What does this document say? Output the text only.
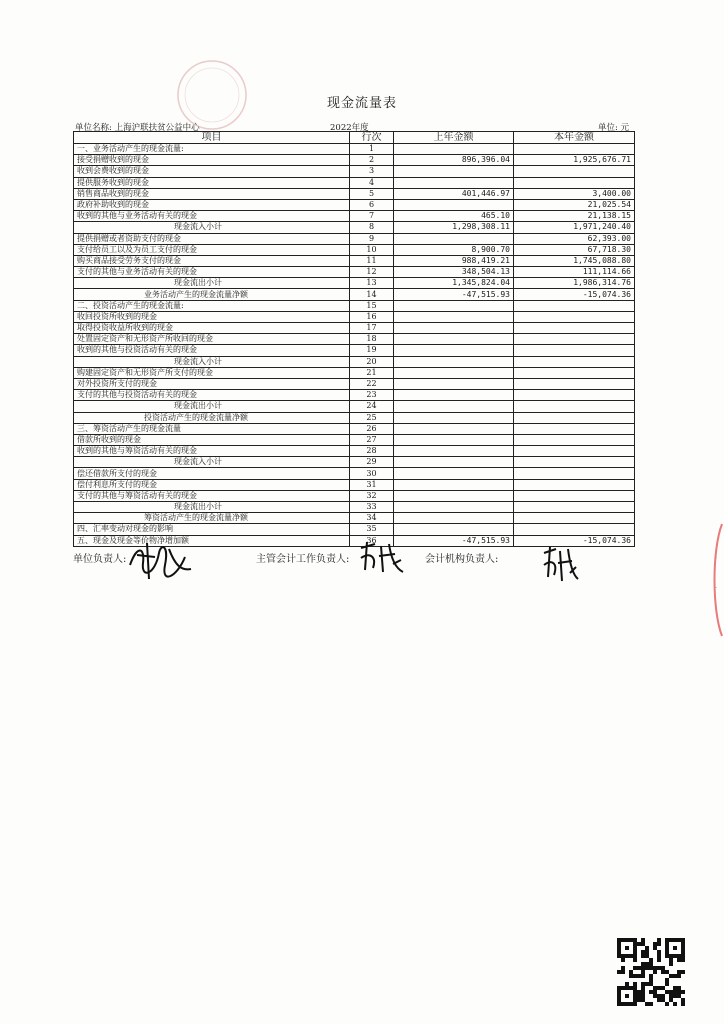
现金流量表
单位名称: 上海沪联扶贫公益中心	2022年度	单位: 元
项目	行次	上年金额	本年金额
一、业务活动产生的现金流量:	1		
接受捐赠收到的现金	2	896,396.04	1,925,676.71
收到会费收到的现金	3		
提供服务收到的现金	4		
销售商品收到的现金	5	401,446.97	3,400.00
政府补助收到的现金	6		21,025.54
收到的其他与业务活动有关的现金	7	465.10	21,138.15
现金流入小计	8	1,298,308.11	1,971,240.40
提供捐赠或者资助支付的现金	9		62,393.00
支付给员工以及为员工支付的现金	10	8,900.70	67,718.30
购买商品接受劳务支付的现金	11	988,419.21	1,745,088.80
支付的其他与业务活动有关的现金	12	348,504.13	111,114.66
现金流出小计	13	1,345,824.04	1,986,314.76
业务活动产生的现金流量净额	14	-47,515.93	-15,074.36
二、投资活动产生的现金流量:	15		
收回投资所收到的现金	16		
取得投资收益所收到的现金	17		
处置固定资产和无形资产所收回的现金	18		
收到的其他与投资活动有关的现金	19		
现金流入小计	20		
购建固定资产和无形资产所支付的现金	21		
对外投资所支付的现金	22		
支付的其他与投资活动有关的现金	23		
现金流出小计	24		
投资活动产生的现金流量净额	25		
三、筹资活动产生的现金流量	26		
借款所收到的现金	27		
收到的其他与筹资活动有关的现金	28		
现金流入小计	29		
偿还借款所支付的现金	30		
偿付利息所支付的现金	31		
支付的其他与筹资活动有关的现金	32		
现金流出小计	33		
筹资活动产生的现金流量净额	34		
四、汇率变动对现金的影响	35		
五、现金及现金等价物净增加额	36	-47,515.93	-15,074.36
单位负责人:	主管会计工作负责人:	会计机构负责人:	·
·
